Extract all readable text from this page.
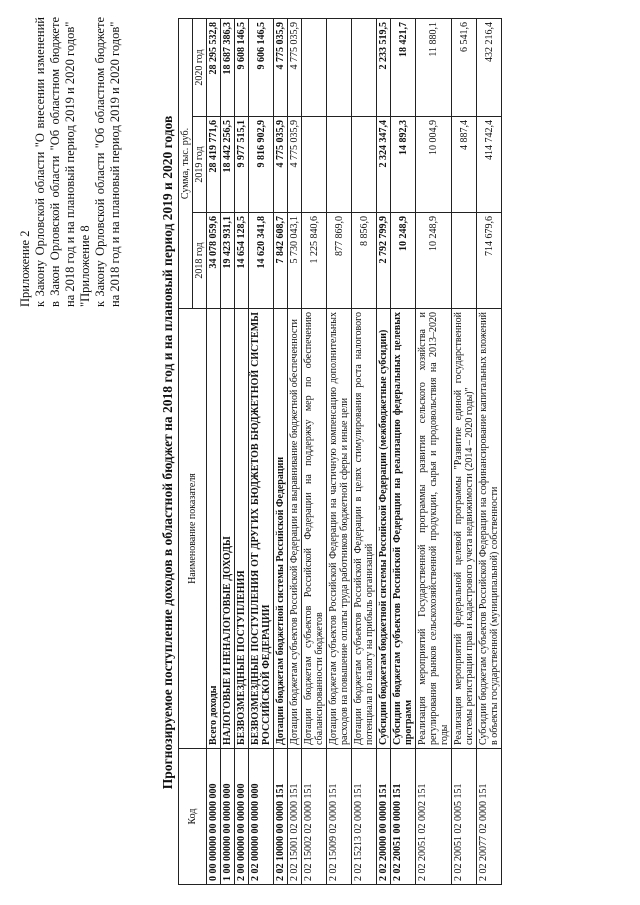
Приложение 2 к Закону Орловской области "О внесении изменений в Закон Орловской области "Об областном бюджете на 2018 год и на плановый период 2019 и 2020 годов" "Приложение 8 к Закону Орловской области "Об областном бюджете на 2018 год и на плановый период 2019 и 2020 годов"	Прогнозируемое поступление доходов в областной бюджет на 2018 год и на плановый период 2019 и 2020 годов
Код	Наименование показателя	Сумма, тыс. руб.		
		2018 год	2019 год	2020 год
0 00 00000 00 0000 000	Всего доходы	34 078 059,6	28 419 771,6	28 295 532,8
1 00 00000 00 0000 000	НАЛОГОВЫЕ И НЕНАЛОГОВЫЕ ДОХОДЫ	19 423 931,1	18 442 256,5	18 687 386,3
2 00 00000 00 0000 000	БЕЗВОЗМЕЗДНЫЕ ПОСТУПЛЕНИЯ	14 654 128,5	9 977 515,1	9 608 146,5
2 02 00000 00 0000 000	БЕЗВОЗМЕЗДНЫЕ ПОСТУПЛЕНИЯ ОТ ДРУГИХ БЮДЖЕТОВ БЮДЖЕТНОЙ СИСТЕМЫ РОССИЙСКОЙ ФЕДЕРАЦИИ	14 620 341,8	9 816 902,9	9 606 146,5
2 02 10000 00 0000 151	Дотации бюджетам бюджетной системы Российской Федерации	7 842 608,7	4 775 035,9	4 775 035,9
2 02 15001 02 0000 151	Дотации бюджетам субъектов Российской Федерации на выравнивание бюджетной обеспеченности	5 730 043,1	4 775 035,9	4 775 035,9
2 02 15002 02 0000 151	Дотации бюджетам субъектов Российской Федерации на поддержку мер по обеспечению сбалансированности бюджетов	1 225 840,6		
2 02 15009 02 0000 151	Дотации бюджетам субъектов Российской Федерации на частичную компенсацию дополнительных расходов на повышение оплаты труда работников бюджетной сферы и иные цели	877 869,0		
2 02 15213 02 0000 151	Дотации бюджетам субъектов Российской Федерации в целях стимулирования роста налогового потенциала по налогу на прибыль организаций	8 856,0		
2 02 20000 00 0000 151	Субсидии бюджетам бюджетной системы Российской Федерации (межбюджетные субсидии)	2 792 799,9	2 324 347,4	2 233 519,5
2 02 20051 00 0000 151	Субсидии бюджетам субъектов Российской Федерации на реализацию федеральных целевых программ	10 248,9	14 892,3	18 421,7
2 02 20051 02 0002 151	Реализация мероприятий Государственной программы развития сельского хозяйства и регулирования рынков сельскохозяйственной продукции, сырья и продовольствия на 2013–2020 годы	10 248,9	10 004,9	11 880,1
2 02 20051 02 0005 151	Реализация мероприятий федеральной целевой программы "Развитие единой государственной системы регистрации прав и кадастрового учета недвижимости (2014 – 2020 годы)"		4 887,4	6 541,6
2 02 20077 02 0000 151	Субсидии бюджетам субъектов Российской Федерации на софинансирование капитальных вложений в объекты государственной (муниципальной) собственности	714 679,6	414 742,4	432 216,4
